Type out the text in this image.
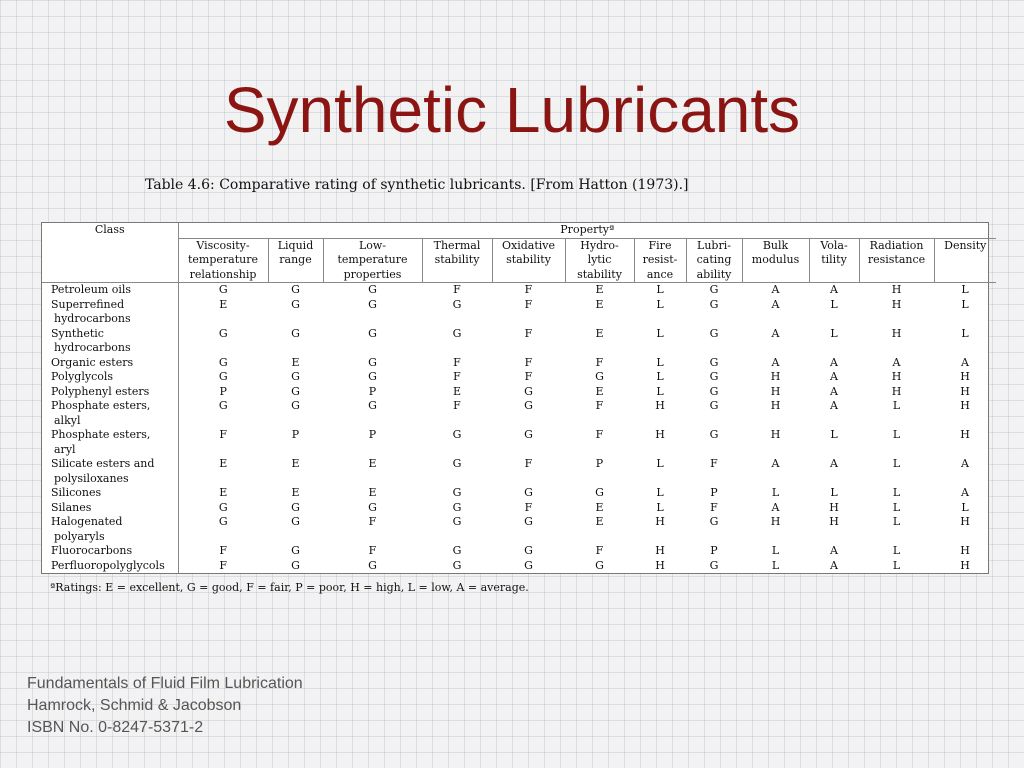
Synthetic Lubricants
Table 4.6: Comparative rating of synthetic lubricants. [From Hatton (1973).]
Class	Propertyª											
	Viscosity-
temperature
relationship	Liquid
range	Low-
temperature
properties	Thermal
stability	Oxidative
stability	Hydro-
lytic
stability	Fire
resist-
ance	Lubri-
cating
ability	Bulk
modulus	Vola-
tility	Radiation
resistance	Density

Petroleum oils	G	G	G	F	F	E	L	G	A	A	H	L

Superrefined
hydrocarbons	E	G	G	G	F	E	L	G	A	L	H	L

Synthetic
hydrocarbons	G	G	G	G	F	E	L	G	A	L	H	L

Organic esters	G	E	G	F	F	F	L	G	A	A	A	A

Polyglycols	G	G	G	F	F	G	L	G	H	A	H	H

Polyphenyl esters	P	G	P	E	G	E	L	G	H	A	H	H

Phosphate esters,
alkyl	G	G	G	F	G	F	H	G	H	A	L	H

Phosphate esters,
aryl	F	P	P	G	G	F	H	G	H	L	L	H

Silicate esters and
polysiloxanes	E	E	E	G	F	P	L	F	A	A	L	A

Silicones	E	E	E	G	G	G	L	P	L	L	L	A

Silanes	G	G	G	G	F	E	L	F	A	H	L	L

Halogenated
polyaryls	G	G	F	G	G	E	H	G	H	H	L	H

Fluorocarbons	F	G	F	G	G	F	H	P	L	A	L	H

Perfluoropolyglycols	F	G	G	G	G	G	H	G	L	A	L	H
ªRatings: E = excellent, G = good, F = fair, P = poor, H = high, L = low, A = average.
Fundamentals of Fluid Film Lubrication
Hamrock, Schmid & Jacobson
ISBN No. 0-8247-5371-2
